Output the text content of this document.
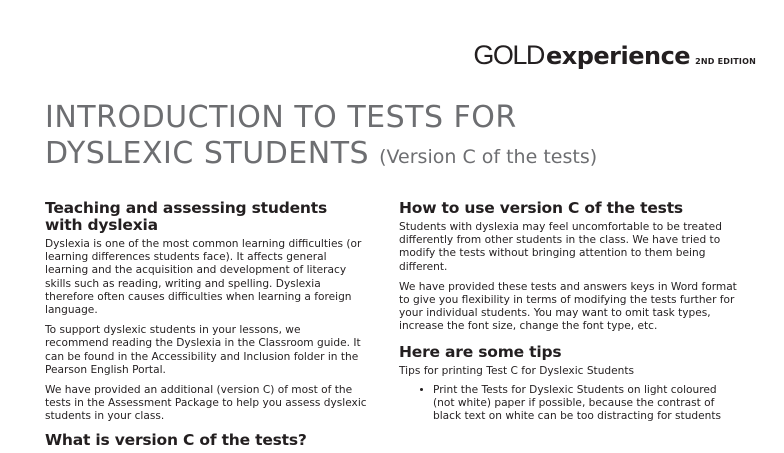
GOLD experience 2ND EDITION
INTRODUCTION TO TESTS FOR
DYSLEXIC STUDENTS (Version C of the tests)
Teaching and assessing students
with dyslexia

Dyslexia is one of the most common learning difficulties (or learning differences students face). It affects general learning and the acquisition and development of literacy skills such as reading, writing and spelling. Dyslexia therefore often causes difficulties when learning a foreign language.

To support dyslexic students in your lessons, we recommend reading the Dyslexia in the Classroom guide. It can be found in the Accessibility and Inclusion folder in the Pearson English Portal.

We have provided an additional (version C) of most of the tests in the Assessment Package to help you assess dyslexic students in your class.

What is version C of the tests?
How to use version C of the tests

Students with dyslexia may feel uncomfortable to be treated differently from other students in the class. We have tried to modify the tests without bringing attention to them being different.

We have provided these tests and answers keys in Word format to give you flexibility in terms of modifying the tests further for your individual students. You may want to omit task types, increase the font size, change the font type, etc.

Here are some tips
Tips for printing Test C for Dyslexic Students
• Print the Tests for Dyslexic Students on light coloured (not white) paper if possible, because the contrast of black text on white can be too distracting for students
